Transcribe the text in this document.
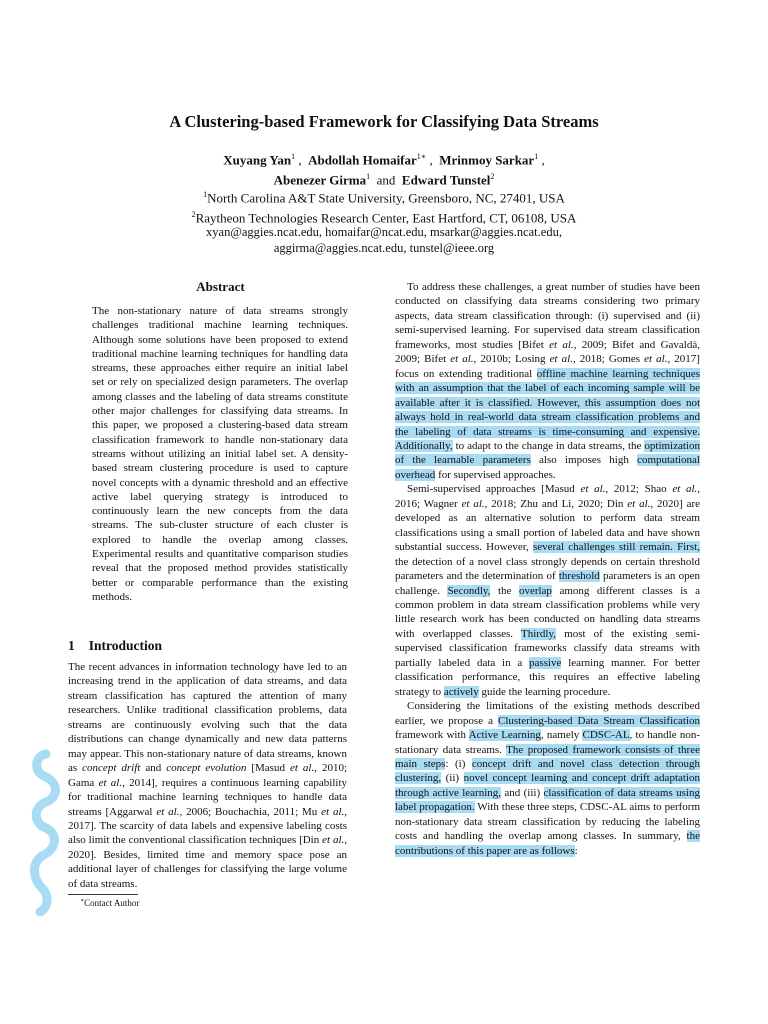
A Clustering-based Framework for Classifying Data Streams
Xuyang Yan$^1$ ,  Abdollah Homaifar$^{1∗}$ ,  Mrinmoy Sarkar$^1$ ,
Abenezer Girma$^1$ and Edward Tunstel$^2$
$^1$North Carolina A&T State University, Greensboro, NC, 27401, USA
$^2$Raytheon Technologies Research Center, East Hartford, CT, 06108, USA
xyan@aggies.ncat.edu, homaifar@ncat.edu, msarkar@aggies.ncat.edu,
aggirma@aggies.ncat.edu, tunstel@ieee.org
Abstract
The non-stationary nature of data streams strongly challenges traditional machine learning techniques. Although some solutions have been proposed to extend traditional machine learning techniques for handling data streams, these approaches either require an initial label set or rely on specialized design parameters. The overlap among classes and the labeling of data streams constitute other major challenges for classifying data streams. In this paper, we proposed a clustering-based data stream classification framework to handle non-stationary data streams without utilizing an initial label set. A density-based stream clustering procedure is used to capture novel concepts with a dynamic threshold and an effective active label querying strategy is introduced to continuously learn the new concepts from the data streams. The sub-cluster structure of each cluster is explored to handle the overlap among classes. Experimental results and quantitative comparison studies reveal that the proposed method provides statistically better or comparable performance than the existing methods.
1 Introduction

The recent advances in information technology have led to an increasing trend in the application of data streams, and data stream classification has captured the attention of many researchers. Unlike traditional classification problems, data streams are continuously evolving such that the data distributions can change dynamically and new data patterns may appear. This non-stationary nature of data streams, known as concept drift and concept evolution [Masud et al., 2010; Gama et al., 2014], requires a continuous learning capability for traditional machine learning techniques to handle data streams [Aggarwal et al., 2006; Bouchachia, 2011; Mu et al., 2017]. The scarcity of data labels and expensive labeling costs also limit the conventional classification techniques [Din et al., 2020]. Besides, limited time and memory space pose an additional layer of challenges for classifying the large volume of data streams.

∗Contact Author

To address these challenges, a great number of studies have been conducted on classifying data streams considering two primary aspects, data stream classification through: (i) supervised and (ii) semi-supervised learning. For supervised data stream classification frameworks, most studies [Bifet et al., 2009; Bifet and Gavaldà, 2009; Bifet et al., 2010b; Losing et al., 2018; Gomes et al., 2017] focus on extending traditional offline machine learning techniques with an assumption that the label of each incoming sample will be available after it is classified. However, this assumption does not always hold in real-world data stream classification problems and the labeling of data streams is time-consuming and expensive. Additionally, to adapt to the change in data streams, the optimization of the learnable parameters also imposes high computational overhead for supervised approaches.

Semi-supervised approaches [Masud et al., 2012; Shao et al., 2016; Wagner et al., 2018; Zhu and Li, 2020; Din et al., 2020] are developed as an alternative solution to perform data stream classifications using a small portion of labeled data and have shown substantial success. However, several challenges still remain. First, the detection of a novel class strongly depends on certain threshold parameters and the determination of threshold parameters is an open challenge. Secondly, the overlap among different classes is a common problem in data stream classification problems while very little research work has been conducted on handling data streams with overlapped classes. Thirdly, most of the existing semi-supervised classification frameworks classify data streams with partially labeled data in a passive learning manner. For better classification performance, this requires an effective labeling strategy to actively guide the learning procedure.

Considering the limitations of the existing methods described earlier, we propose a Clustering-based Data Stream Classification framework with Active Learning, namely CDSC-AL, to handle non-stationary data streams. The proposed framework consists of three main steps: (i) concept drift and novel class detection through clustering, (ii) novel concept learning and concept drift adaptation through active learning, and (iii) classification of data streams using label propagation. With these three steps, CDSC-AL aims to perform non-stationary data stream classification by reducing the labeling costs and handling the overlap among classes. In summary, the contributions of this paper are as follows:
